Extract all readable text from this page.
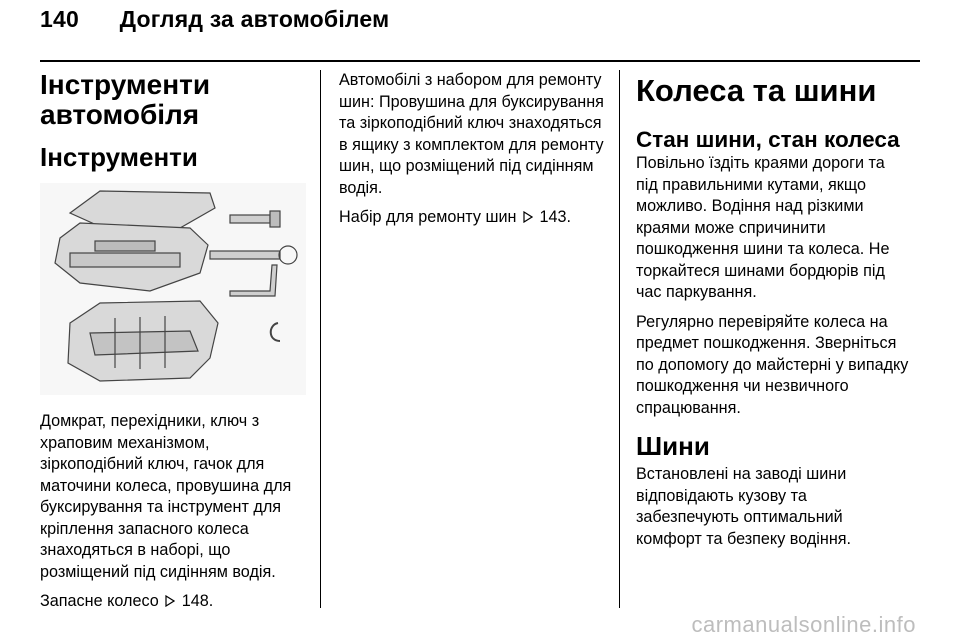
140 Догляд за автомобілем
Інструменти автомобіля
Інструменти

Домкрат, перехідники, ключ з храповим механізмом, зіркоподібний ключ, гачок для маточини колеса, провушина для буксирування та інструмент для кріплення запасного колеса знаходяться в наборі, що розміщений під сидінням водія.

Запасне колесо 148.

Автомобілі з набором для ремонту шин: Провушина для буксирування та зіркоподібний ключ знаходяться в ящику з комплектом для ремонту шин, що розміщений під сидінням водія.

Набір для ремонту шин 143.

Колеса та шини
Стан шини, стан колеса

Повільно їздіть краями дороги та під правильними кутами, якщо можливо. Водіння над різкими краями може спричинити пошкодження шини та колеса. Не торкайтеся шинами бордюрів під час паркування.

Регулярно перевіряйте колеса на предмет пошкодження. Зверніться по допомогу до майстерні у випадку пошкодження чи незвичного спрацювання.

Шини

Встановлені на заводі шини відповідають кузову та забезпечують оптимальний комфорт та безпеку водіння.

carmanualsonline.info
